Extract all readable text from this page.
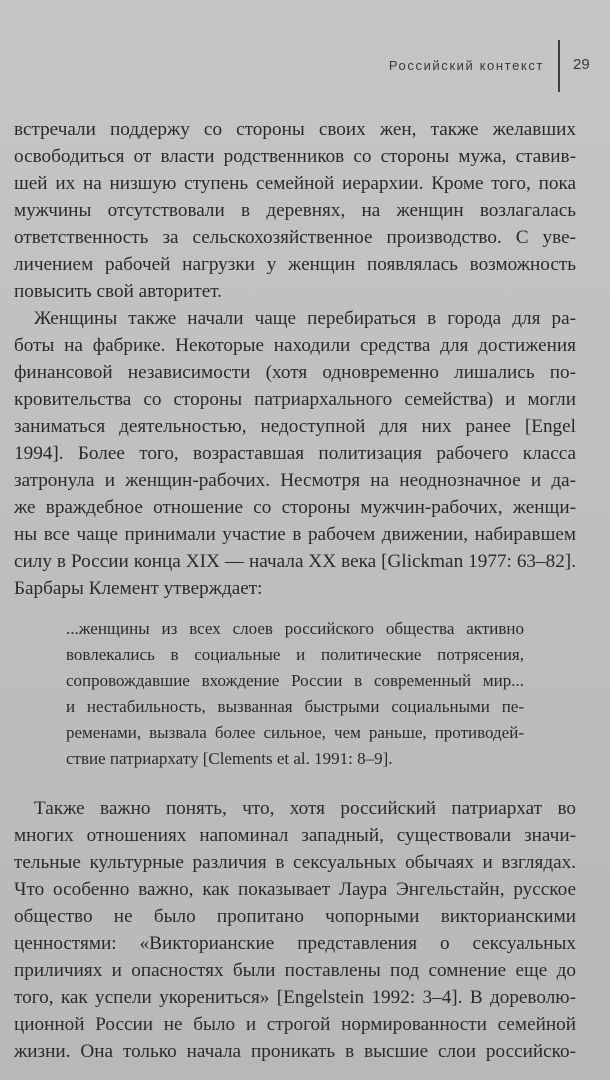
Российский контекст 29
встречали поддержу со стороны своих жен, также желавших
освободиться от власти родственников со стороны мужа, ставив-
шей их на низшую ступень семейной иерархии. Кроме того, пока
мужчины отсутствовали в деревнях, на женщин возлагалась
ответственность за сельскохозяйственное производство. С уве-
личением рабочей нагрузки у женщин появлялась возможность
повысить свой авторитет.
Женщины также начали чаще перебираться в города для ра-
боты на фабрике. Некоторые находили средства для достижения
финансовой независимости (хотя одновременно лишались по-
кровительства со стороны патриархального семейства) и могли
заниматься деятельностью, недоступной для них ранее [Engel
1994]. Более того, возраставшая политизация рабочего класса
затронула и женщин-рабочих. Несмотря на неоднозначное и да-
же враждебное отношение со стороны мужчин-рабочих, женщи-
ны все чаще принимали участие в рабочем движении, набиравшем
силу в России конца XIX — начала XX века [Glickman 1977: 63–82].
Барбары Клемент утверждает:
...женщины из всех слоев российского общества активно
вовлекались в социальные и политические потрясения,
сопровождавшие вхождение России в современный мир...
и нестабильность, вызванная быстрыми социальными пе-
ременами, вызвала более сильное, чем раньше, противодей-
ствие патриархату [Clements et al. 1991: 8–9].
Также важно понять, что, хотя российский патриархат во
многих отношениях напоминал западный, существовали значи-
тельные культурные различия в сексуальных обычаях и взглядах.
Что особенно важно, как показывает Лаура Энгельстайн, русское
общество не было пропитано чопорными викторианскими
ценностями: «Викторианские представления о сексуальных
приличиях и опасностях были поставлены под сомнение еще до
того, как успели укорениться» [Engelstein 1992: 3–4]. В дореволю-
ционной России не было и строгой нормированности семейной
жизни. Она только начала проникать в высшие слои российско-
